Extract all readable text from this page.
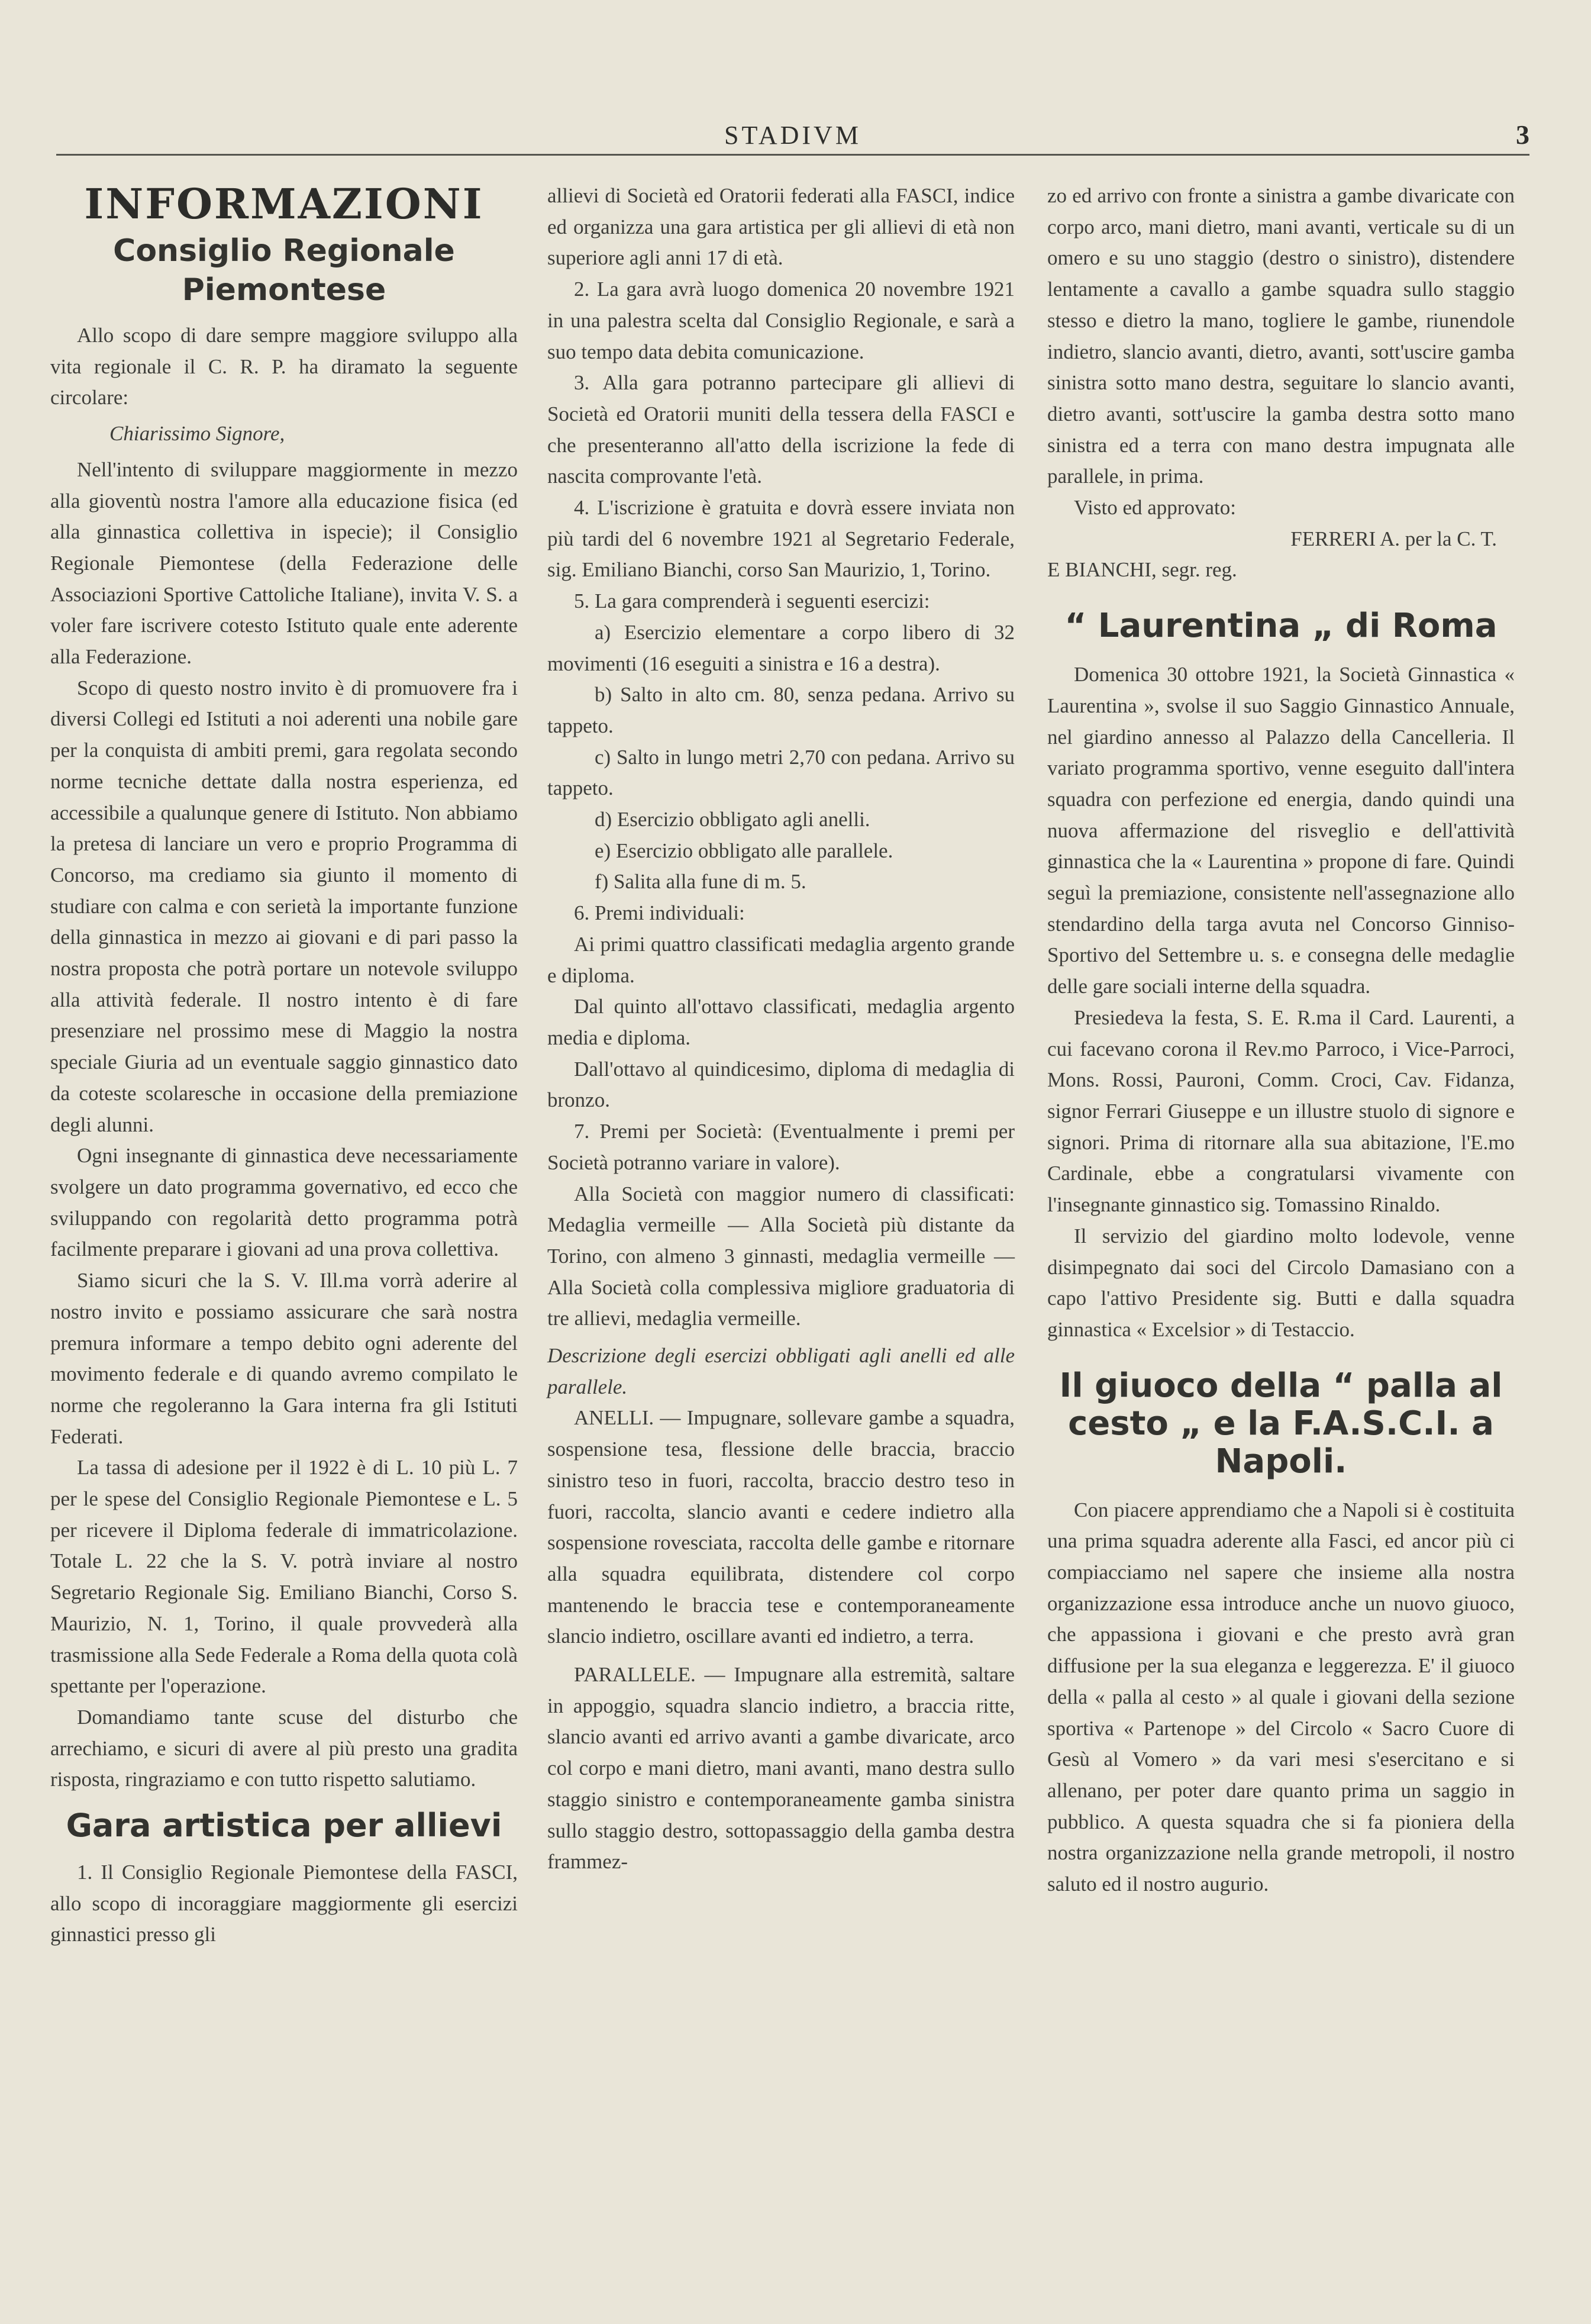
STADIVM	3
INFORMAZIONI
Consiglio Regionale Piemontese

Allo scopo di dare sempre maggiore sviluppo alla vita regionale il C. R. P. ha diramato la seguente circolare:

Chiarissimo Signore,

Nell'intento di sviluppare maggiormente in mezzo alla gioventù nostra l'amore alla educazione fisica (ed alla ginnastica collettiva in ispecie); il Consiglio Regionale Piemontese (della Federazione delle Associazioni Sportive Cattoliche Italiane), invita V. S. a voler fare iscrivere cotesto Istituto quale ente aderente alla Federazione.

Scopo di questo nostro invito è di promuovere fra i diversi Collegi ed Istituti a noi aderenti una nobile gare per la conquista di ambiti premi, gara regolata secondo norme tecniche dettate dalla nostra esperienza, ed accessibile a qualunque genere di Istituto. Non abbiamo la pretesa di lanciare un vero e proprio Programma di Concorso, ma crediamo sia giunto il momento di studiare con calma e con serietà la importante funzione della ginnastica in mezzo ai giovani e di pari passo la nostra proposta che potrà portare un notevole sviluppo alla attività federale. Il nostro intento è di fare presenziare nel prossimo mese di Maggio la nostra speciale Giuria ad un eventuale saggio ginnastico dato da coteste scolaresche in occasione della premiazione degli alunni.

Ogni insegnante di ginnastica deve necessariamente svolgere un dato programma governativo, ed ecco che sviluppando con regolarità detto programma potrà facilmente preparare i giovani ad una prova collettiva.

Siamo sicuri che la S. V. Ill.ma vorrà aderire al nostro invito e possiamo assicurare che sarà nostra premura informare a tempo debito ogni aderente del movimento federale e di quando avremo compilato le norme che regoleranno la Gara interna fra gli Istituti Federati.

La tassa di adesione per il 1922 è di L. 10 più L. 7 per le spese del Consiglio Regionale Piemontese e L. 5 per ricevere il Diploma federale di immatricolazione. Totale L. 22 che la S. V. potrà inviare al nostro Segretario Regionale Sig. Emiliano Bianchi, Corso S. Maurizio, N. 1, Torino, il quale provvederà alla trasmissione alla Sede Federale a Roma della quota colà spettante per l'operazione.

Domandiamo tante scuse del disturbo che arrechiamo, e sicuri di avere al più presto una gradita risposta, ringraziamo e con tutto rispetto salutiamo.

Gara artistica per allievi

1. Il Consiglio Regionale Piemontese della FASCI, allo scopo di incoraggiare maggiormente gli esercizi ginnastici presso gli

allievi di Società ed Oratorii federati alla FASCI, indice ed organizza una gara artistica per gli allievi di età non superiore agli anni 17 di età.

2. La gara avrà luogo domenica 20 novembre 1921 in una palestra scelta dal Consiglio Regionale, e sarà a suo tempo data debita comunicazione.

3. Alla gara potranno partecipare gli allievi di Società ed Oratorii muniti della tessera della FASCI e che presenteranno all'atto della iscrizione la fede di nascita comprovante l'età.

4. L'iscrizione è gratuita e dovrà essere inviata non più tardi del 6 novembre 1921 al Segretario Federale, sig. Emiliano Bianchi, corso San Maurizio, 1, Torino.

5. La gara comprenderà i seguenti esercizi:

a) Esercizio elementare a corpo libero di 32 movimenti (16 eseguiti a sinistra e 16 a destra).

b) Salto in alto cm. 80, senza pedana. Arrivo su tappeto.

c) Salto in lungo metri 2,70 con pedana. Arrivo su tappeto.

d) Esercizio obbligato agli anelli.

e) Esercizio obbligato alle parallele.

f) Salita alla fune di m. 5.

6. Premi individuali:

Ai primi quattro classificati medaglia argento grande e diploma.

Dal quinto all'ottavo classificati, medaglia argento media e diploma.

Dall'ottavo al quindicesimo, diploma di medaglia di bronzo.

7. Premi per Società: (Eventualmente i premi per Società potranno variare in valore).

Alla Società con maggior numero di classificati: Medaglia vermeille — Alla Società più distante da Torino, con almeno 3 ginnasti, medaglia vermeille — Alla Società colla complessiva migliore graduatoria di tre allievi, medaglia vermeille.

Descrizione degli esercizi obbligati agli anelli ed alle parallele.

ANELLI. — Impugnare, sollevare gambe a squadra, sospensione tesa, flessione delle braccia, braccio sinistro teso in fuori, raccolta, braccio destro teso in fuori, raccolta, slancio avanti e cedere indietro alla sospensione rovesciata, raccolta delle gambe e ritornare alla squadra equilibrata, distendere col corpo mantenendo le braccia tese e contemporaneamente slancio indietro, oscillare avanti ed indietro, a terra.

PARALLELE. — Impugnare alla estremità, saltare in appoggio, squadra slancio indietro, a braccia ritte, slancio avanti ed arrivo avanti a gambe divaricate, arco col corpo e mani dietro, mani avanti, mano destra sullo staggio sinistro e contemporaneamente gamba sinistra sullo staggio destro, sottopassaggio della gamba destra frammez-

zo ed arrivo con fronte a sinistra a gambe divaricate con corpo arco, mani dietro, mani avanti, verticale su di un omero e su uno staggio (destro o sinistro), distendere lentamente a cavallo a gambe squadra sullo staggio stesso e dietro la mano, togliere le gambe, riunendole indietro, slancio avanti, dietro, avanti, sott'uscire gamba sinistra sotto mano destra, seguitare lo slancio avanti, dietro avanti, sott'uscire la gamba destra sotto mano sinistra ed a terra con mano destra impugnata alle parallele, in prima.

Visto ed approvato:

FERRERI A. per la C. T.

E BIANCHI, segr. reg.

“ Laurentina „ di Roma

Domenica 30 ottobre 1921, la Società Ginnastica « Laurentina », svolse il suo Saggio Ginnastico Annuale, nel giardino annesso al Palazzo della Cancelleria. Il variato programma sportivo, venne eseguito dall'intera squadra con perfezione ed energia, dando quindi una nuova affermazione del risveglio e dell'attività ginnastica che la « Laurentina » propone di fare. Quindi seguì la premiazione, consistente nell'assegnazione allo stendardino della targa avuta nel Concorso Ginniso-Sportivo del Settembre u. s. e consegna delle medaglie delle gare sociali interne della squadra.

Presiedeva la festa, S. E. R.ma il Card. Laurenti, a cui facevano corona il Rev.mo Parroco, i Vice-Parroci, Mons. Rossi, Pauroni, Comm. Croci, Cav. Fidanza, signor Ferrari Giuseppe e un illustre stuolo di signore e signori. Prima di ritornare alla sua abitazione, l'E.mo Cardinale, ebbe a congratularsi vivamente con l'insegnante ginnastico sig. Tomassino Rinaldo.

Il servizio del giardino molto lodevole, venne disimpegnato dai soci del Circolo Damasiano con a capo l'attivo Presidente sig. Butti e dalla squadra ginnastica « Excelsior » di Testaccio.

Il giuoco della “ palla al cesto „ e la F.A.S.C.I. a Napoli.

Con piacere apprendiamo che a Napoli si è costituita una prima squadra aderente alla Fasci, ed ancor più ci compiacciamo nel sapere che insieme alla nostra organizzazione essa introduce anche un nuovo giuoco, che appassiona i giovani e che presto avrà gran diffusione per la sua eleganza e leggerezza. E' il giuoco della « palla al cesto » al quale i giovani della sezione sportiva « Partenope » del Circolo « Sacro Cuore di Gesù al Vomero » da vari mesi s'esercitano e si allenano, per poter dare quanto prima un saggio in pubblico. A questa squadra che si fa pioniera della nostra organizzazione nella grande metropoli, il nostro saluto ed il nostro augurio.
